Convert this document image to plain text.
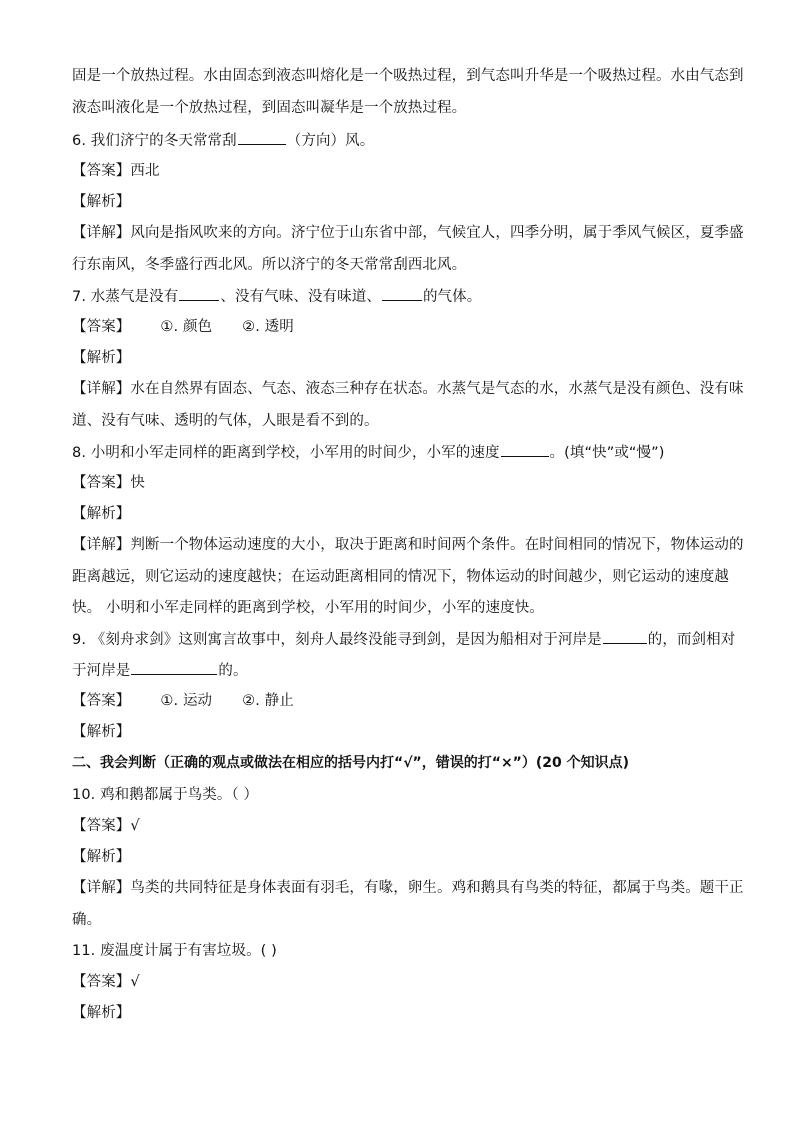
固是一个放热过程。水由固态到液态叫熔化是一个吸热过程，到气态叫升华是一个吸热过程。水由气态到
液态叫液化是一个放热过程，到固态叫凝华是一个放热过程。
6. 我们济宁的冬天常常刮	（方向）风。
【答案】西北
【解析】
【详解】风向是指风吹来的方向。济宁位于山东省中部，气候宜人，四季分明，属于季风气候区，夏季盛
行东南风，冬季盛行西北风。所以济宁的冬天常常刮西北风。
7. 水蒸气是没有	、没有气味、没有味道、	的气体。
【答案】 ①. 颜色 ②. 透明
【解析】
【详解】水在自然界有固态、气态、液态三种存在状态。水蒸气是气态的水，水蒸气是没有颜色、没有味
道、没有气味、透明的气体，人眼是看不到的。
8. 小明和小军走同样的距离到学校，小军用的时间少，小军的速度	。(填“快”或“慢”)
【答案】快
【解析】
【详解】判断一个物体运动速度的大小，取决于距离和时间两个条件。在时间相同的情况下，物体运动的
距离越远，则它运动的速度越快；在运动距离相同的情况下，物体运动的时间越少，则它运动的速度越
快。 小明和小军走同样的距离到学校，小军用的时间少，小军的速度快。
9. 《刻舟求剑》这则寓言故事中，刻舟人最终没能寻到剑，是因为船相对于河岸是	的，而剑相对
于河岸是	的。
【答案】 ①. 运动 ②. 静止
【解析】
二、我会判断（正确的观点或做法在相应的括号内打“√”，错误的打“×”）(20 个知识点)
10. 鸡和鹅都属于鸟类。（ ）
【答案】√
【解析】
【详解】鸟类的共同特征是身体表面有羽毛，有喙，卵生。鸡和鹅具有鸟类的特征，都属于鸟类。题干正
确。
11. 废温度计属于有害垃圾。( )
【答案】√
【解析】
